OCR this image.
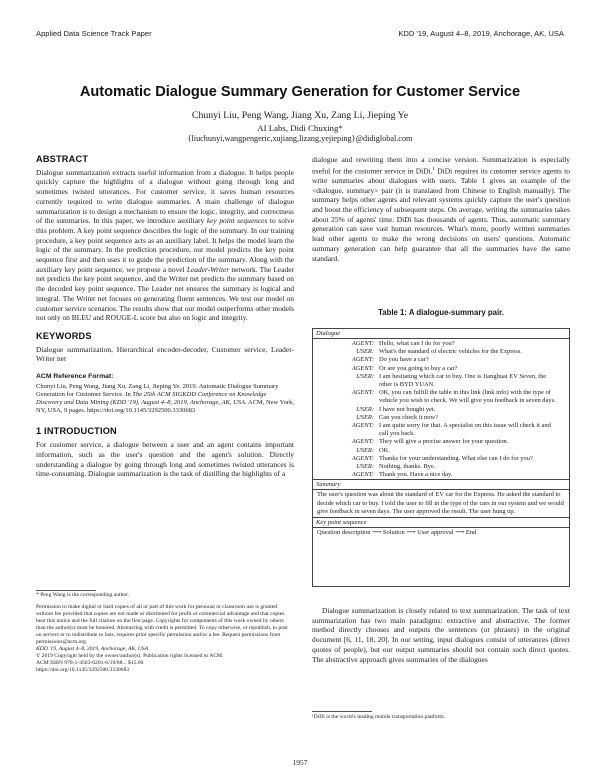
Applied Data Science Track Paper	KDD '19, August 4–8, 2019, Anchorage, AK, USA
Automatic Dialogue Summary Generation for Customer Service
Chunyi Liu, Peng Wang, Jiang Xu, Zang Li, Jieping Ye
AI Labs, Didi Chuxing*
{liuchunyi,wangpengeric,xujiang,lizang,yejieping}@didiglobal.com
ABSTRACT

Dialogue summarization extracts useful information from a dialogue. It helps people quickly capture the highlights of a dialogue without going through long and sometimes twisted utterances. For customer service, it saves human resources currently required to write dialogue summaries. A main challenge of dialogue summarization is to design a mechanism to ensure the logic, integrity, and correctness of the summaries. In this paper, we introduce auxiliary key point sequences to solve this problem. A key point sequence describes the logic of the summary. In our training procedure, a key point sequence acts as an auxiliary label. It helps the model learn the logic of the summary. In the prediction procedure, our model predicts the key point sequence first and then uses it to guide the prediction of the summary. Along with the auxiliary key point sequence, we propose a novel Leader-Writer network. The Leader net predicts the key point sequence, and the Writer net predicts the summary based on the decoded key point sequence. The Leader net ensures the summary is logical and integral. The Writer net focuses on generating fluent sentences. We test our model on customer service scenarios. The results show that our model outperforms other models not only on BLEU and ROUGE-L score but also on logic and integrity.

KEYWORDS

Dialogue summarization, Hierarchical encoder-decoder, Customer service, Leader-Writer net

ACM Reference Format:

Chunyi Liu, Peng Wang, Jiang Xu, Zang Li, Jieping Ye. 2019. Automatic Dialogue Summary Generation for Customer Service. In The 25th ACM SIGKDD Conference on Knowledge Discovery and Data Mining (KDD '19), August 4–8, 2019, Anchorage, AK, USA. ACM, New York, NY, USA, 9 pages. https://doi.org/10.1145/3292500.3330683

1 INTRODUCTION

For customer service, a dialogue between a user and an agent contains important information, such as the user's question and the agent's solution. Directly understanding a dialogue by going through long and sometimes twisted utterances is time-consuming. Dialogue summarization is the task of distilling the highlights of a

* Peng Wang is the corresponding author.
Permission to make digital or hard copies of all or part of this work for personal or classroom use is granted without fee provided that copies are not made or distributed for profit or commercial advantage and that copies bear this notice and the full citation on the first page. Copyrights for components of this work owned by others than the author(s) must be honored. Abstracting with credit is permitted. To copy otherwise, or republish, to post on servers or to redistribute to lists, requires prior specific permission and/or a fee. Request permissions from permissions@acm.org.
KDD '19, August 4–8, 2019, Anchorage, AK, USA
© 2019 Copyright held by the owner/author(s). Publication rights licensed to ACM.
ACM ISBN 978-1-4503-6201-6/19/08... $15.00
https://doi.org/10.1145/3292500.3330683

dialogue and rewriting them into a concise version. Summarization is especially useful for the customer service in DiDi.$^1$ DiDi requires its customer service agents to write summaries about dialogues with users. Table 1 gives an example of the <dialogue, summary> pair (it is translated from Chinese to English manually). The summary helps other agents and relevant systems quickly capture the user's question and boost the efficiency of subsequent steps. On average, writing the summaries takes about 25% of agents' time. DiDi has thousands of agents. Thus, automatic summary generation can save vast human resources. What's more, poorly written summaries lead other agents to make the wrong decisions on users' questions. Automatic summary generation can help guarantee that all the summaries have the same standard.

Table 1: A dialogue-summary pair.
Dialogue
AGENT: Hello, what can I do for you?
USER: What's the standard of electric vehicles for the Express.
AGENT: Do you have a car?
AGENT: Or are you going to buy a car?
USER: I am hesitating which car to buy. One is Jianghuai EV Seven, the other is BYD YUAN.
AGENT: OK, you can fulfill the table in this link (link info) with the type of vehicle you wish to check. We will give you feedback in seven days.
USER: I have not bought yet.
USER: Can you check it now?
AGENT: I am quite sorry for that. A specialist on this issue will check it and call you back.
AGENT: They will give a precise answer for your question.
USER: OK.
AGENT: Thanks for your understanding. What else can I do for you?
USER: Nothing, thanks. Bye.
AGENT: Thank you. Have a nice day.
Summary
The user's question was about the standard of EV car for the Express. He asked the standard to decide which car to buy. I told the user to fill in the type of the cars in our system and we would give feedback in seven days. The user approved the result. The user hung up.
Key point sequence
Question description ⟶ Solution ⟶ User approval ⟶ End

Dialogue summarization is closely related to text summarization. The task of text summarization has two main paradigms: extractive and abstractive. The former method directly chooses and outputs the sentences (or phrases) in the original document [6, 11, 18, 20]. In our setting, input dialogues consist of utterances (direct quotes of people), but our output summaries should not contain such direct quotes. The abstractive approach gives summaries of the dialogues

¹DiDi is the world's leading mobile transportation platform.
1957
